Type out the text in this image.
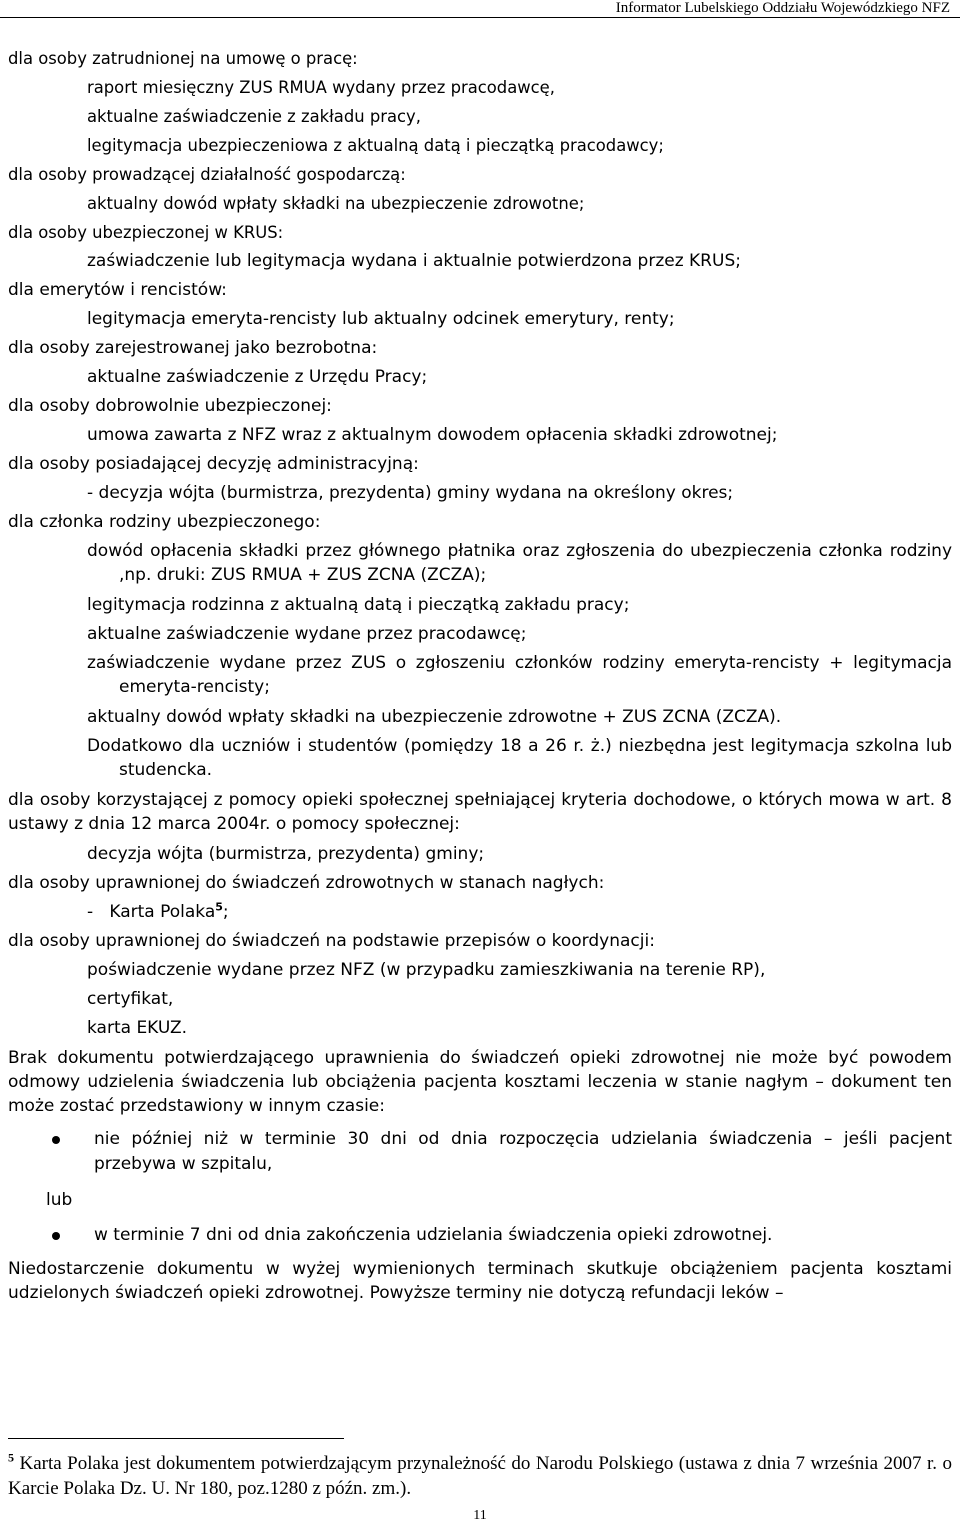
Informator Lubelskiego Oddziału Wojewódzkiego NFZ
dla osoby zatrudnionej na umowę o pracę:
raport miesięczny ZUS RMUA wydany przez pracodawcę,
aktualne zaświadczenie z zakładu pracy,
legitymacja ubezpieczeniowa z aktualną datą i pieczątką pracodawcy;
dla osoby prowadzącej działalność gospodarczą:
aktualny dowód wpłaty składki na ubezpieczenie zdrowotne;
dla osoby ubezpieczonej w KRUS:
zaświadczenie lub legitymacja wydana i aktualnie potwierdzona przez KRUS;
dla emerytów i rencistów:
legitymacja emeryta-rencisty lub aktualny odcinek emerytury, renty;
dla osoby zarejestrowanej jako bezrobotna:
aktualne zaświadczenie z Urzędu Pracy;
dla osoby dobrowolnie ubezpieczonej:
umowa zawarta z NFZ wraz z aktualnym dowodem opłacenia składki zdrowotnej;
dla osoby posiadającej decyzję administracyjną:
- decyzja wójta (burmistrza, prezydenta) gminy wydana na określony okres;
dla członka rodziny ubezpieczonego:
dowód opłacenia składki przez głównego płatnika oraz zgłoszenia do ubezpieczenia członka rodziny ,np. druki: ZUS RMUA + ZUS ZCNA (ZCZA);
legitymacja rodzinna z aktualną datą i pieczątką zakładu pracy;
aktualne zaświadczenie wydane przez pracodawcę;
zaświadczenie wydane przez ZUS o zgłoszeniu członków rodziny emeryta-rencisty + legitymacja emeryta-rencisty;
aktualny dowód wpłaty składki na ubezpieczenie zdrowotne + ZUS ZCNA (ZCZA).
Dodatkowo dla uczniów i studentów (pomiędzy 18 a 26 r. ż.) niezbędna jest legitymacja szkolna lub studencka.
dla osoby korzystającej z pomocy opieki społecznej spełniającej kryteria dochodowe, o których mowa w art. 8 ustawy z dnia 12 marca 2004r. o pomocy społecznej:
decyzja wójta (burmistrza, prezydenta) gminy;
dla osoby uprawnionej do świadczeń zdrowotnych w stanach nagłych:
-   Karta Polaka$^5$;
dla osoby uprawnionej do świadczeń na podstawie przepisów o koordynacji:
poświadczenie wydane przez NFZ (w przypadku zamieszkiwania na terenie RP),
certyfikat,
karta EKUZ.

Brak dokumentu potwierdzającego uprawnienia do świadczeń opieki zdrowotnej nie może być powodem odmowy udzielenia świadczenia lub obciążenia pacjenta kosztami leczenia w stanie nagłym – dokument ten może zostać przedstawiony w innym czasie:

nie później niż w terminie 30 dni od dnia rozpoczęcia udzielania świadczenia – jeśli pacjent przebywa w szpitalu,
lub
w terminie 7 dni od dnia zakończenia udzielania świadczenia opieki zdrowotnej.

Niedostarczenie dokumentu w wyżej wymienionych terminach skutkuje obciążeniem pacjenta kosztami udzielonych świadczeń opieki zdrowotnej. Powyższe terminy nie dotyczą refundacji leków –

$^5$ Karta Polaka jest dokumentem potwierdzającym przynależność do Narodu Polskiego (ustawa z dnia 7 września 2007 r. o Karcie Polaka Dz. U. Nr 180, poz.1280 z późn. zm.).
11
